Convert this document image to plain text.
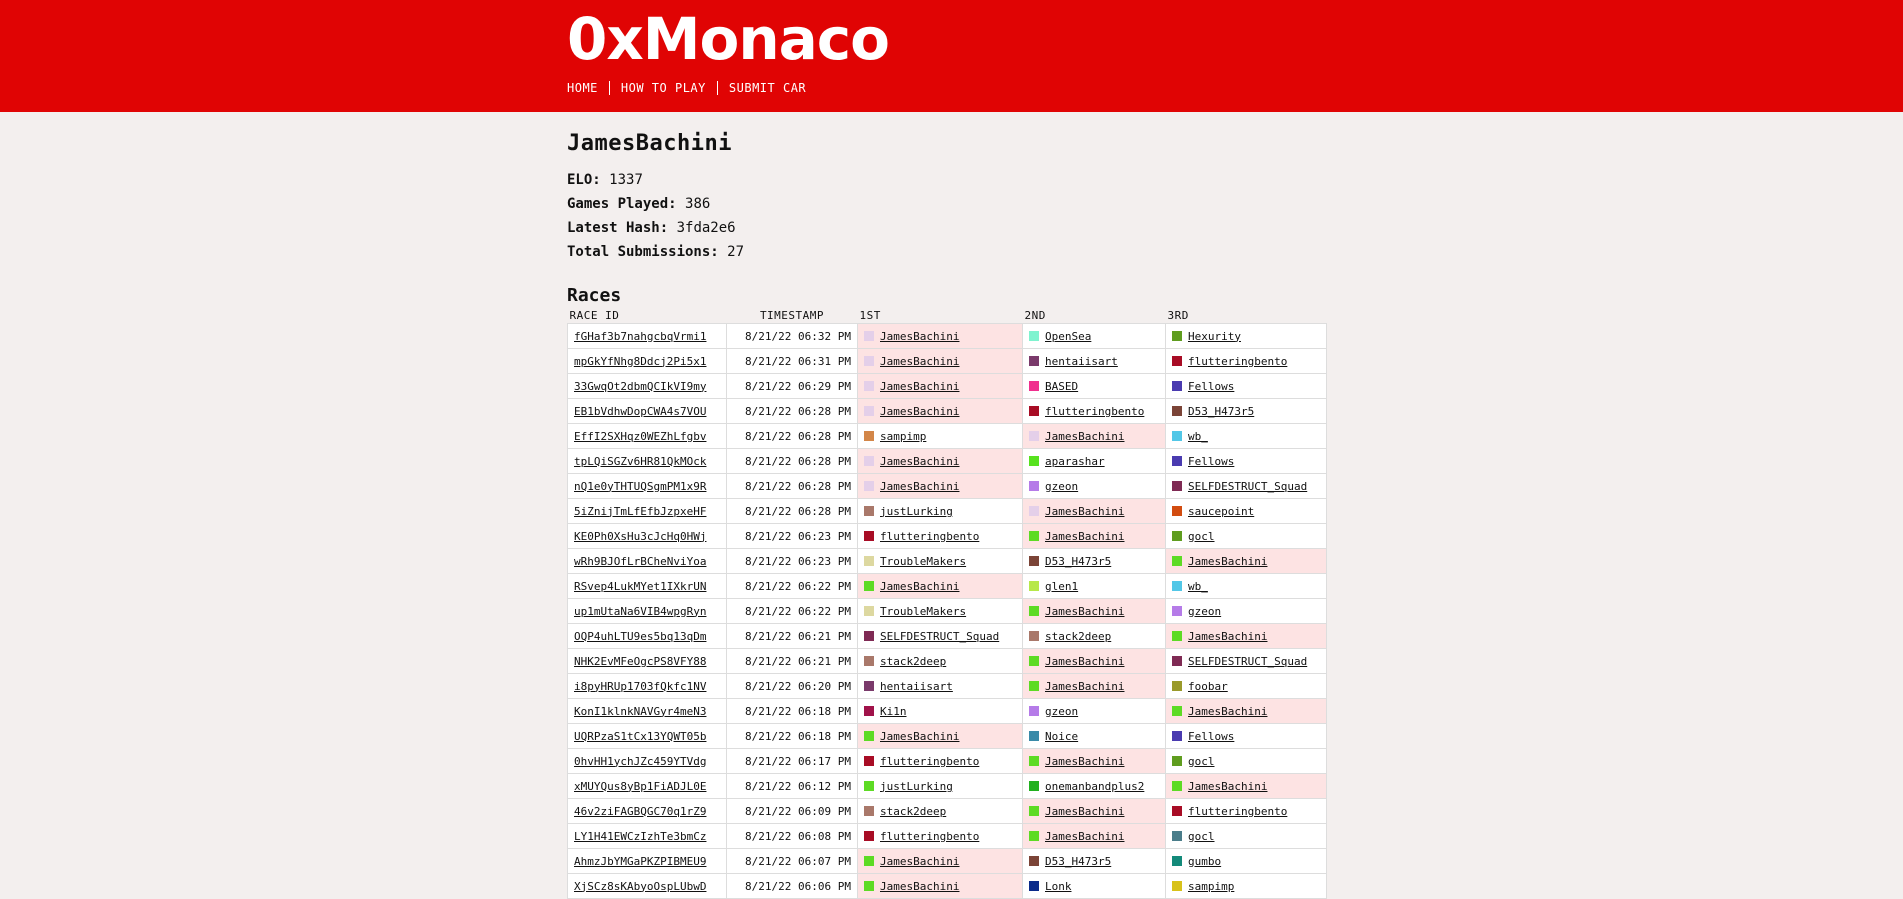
0xMonaco
HOME	HOW TO PLAY	SUBMIT CAR
JamesBachini
ELO: 1337
Games Played: 386
Latest Hash: 3fda2e6
Total Submissions: 27
Races
RACE ID	TIMESTAMP	1ST	2ND	3RD
fGHaf3b7nahgcbqVrmi1	8/21/22 06:32 PM	JamesBachini	OpenSea	Hexurity
mpGkYfNhg8Ddcj2Pi5x1	8/21/22 06:31 PM	JamesBachini	hentaiisart	flutteringbento
33GwqOt2dbmQCIkVI9my	8/21/22 06:29 PM	JamesBachini	BASED	Fellows
EB1bVdhwDopCWA4s7VOU	8/21/22 06:28 PM	JamesBachini	flutteringbento	D53_H473r5
EffI2SXHqz0WEZhLfgbv	8/21/22 06:28 PM	sampimp	JamesBachini	wb_
tpLQiSGZv6HR81QkMOck	8/21/22 06:28 PM	JamesBachini	aparashar	Fellows
nQ1e0yTHTUQSgmPM1x9R	8/21/22 06:28 PM	JamesBachini	gzeon	SELFDESTRUCT_Squad
5iZnijTmLfEfbJzpxeHF	8/21/22 06:28 PM	justLurking	JamesBachini	saucepoint
KE0Ph0XsHu3cJcHq0HWj	8/21/22 06:23 PM	flutteringbento	JamesBachini	gocl
wRh9BJOfLrBCheNviYoa	8/21/22 06:23 PM	TroubleMakers	D53_H473r5	JamesBachini
RSvep4LukMYet1IXkrUN	8/21/22 06:22 PM	JamesBachini	glen1	wb_
up1mUtaNa6VIB4wpgRyn	8/21/22 06:22 PM	TroubleMakers	JamesBachini	gzeon
OQP4uhLTU9es5bq13qDm	8/21/22 06:21 PM	SELFDESTRUCT_Squad	stack2deep	JamesBachini
NHK2EvMFeOgcPS8VFY88	8/21/22 06:21 PM	stack2deep	JamesBachini	SELFDESTRUCT_Squad
i8pyHRUp1703fQkfc1NV	8/21/22 06:20 PM	hentaiisart	JamesBachini	foobar
KonI1klnkNAVGyr4meN3	8/21/22 06:18 PM	Ki1n	gzeon	JamesBachini
UQRPzaS1tCx13YQWT05b	8/21/22 06:18 PM	JamesBachini	Noice	Fellows
0hvHH1ychJZc459YTVdg	8/21/22 06:17 PM	flutteringbento	JamesBachini	gocl
xMUYQus8yBp1FiADJL0E	8/21/22 06:12 PM	justLurking	onemanbandplus2	JamesBachini
46v2ziFAGBQGC70q1rZ9	8/21/22 06:09 PM	stack2deep	JamesBachini	flutteringbento
LY1H41EWCzIzhTe3bmCz	8/21/22 06:08 PM	flutteringbento	JamesBachini	gocl
AhmzJbYMGaPKZPIBMEU9	8/21/22 06:07 PM	JamesBachini	D53_H473r5	gumbo
XjSCz8sKAbyoOspLUbwD	8/21/22 06:06 PM	JamesBachini	Lonk	sampimp
